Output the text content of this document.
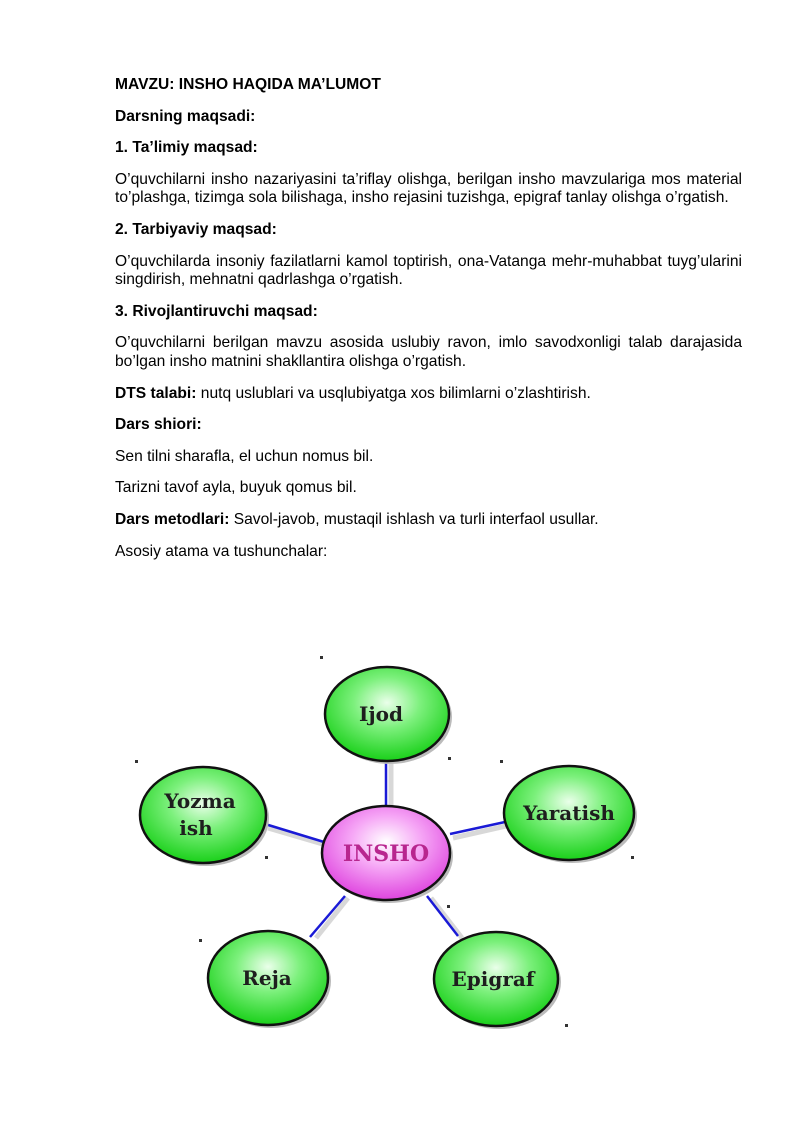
MAVZU: INSHO HAQIDA MA’LUMOT

Darsning maqsadi:

1. Ta’limiy maqsad:

O’quvchilarni insho nazariyasini ta’riflay olishga, berilgan insho mavzulariga mos material to’plashga, tizimga sola bilishaga, insho rejasini tuzishga, epigraf tanlay olishga o’rgatish.

2. Tarbiyaviy maqsad:

O’quvchilarda insoniy fazilatlarni kamol toptirish, ona-Vatanga mehr-muhabbat tuyg’ularini singdirish, mehnatni qadrlashga o’rgatish.

3. Rivojlantiruvchi maqsad:

O’quvchilarni berilgan mavzu asosida uslubiy ravon, imlo savodxonligi talab darajasida bo’lgan insho matnini shakllantira olishga o’rgatish.

DTS talabi: nutq uslublari va usqlubiyatga xos bilimlarni o’zlashtirish.

Dars shiori:

Sen tilni sharafla, el uchun nomus bil.

Tarizni tavof ayla, buyuk qomus bil.

Dars metodlari: Savol-javob, mustaqil ishlash va turli interfaol usullar.

Asosiy atama va tushunchalar:

Ijod
Yozma
ish
Yaratish
INSHO
Reja	Epigraf
